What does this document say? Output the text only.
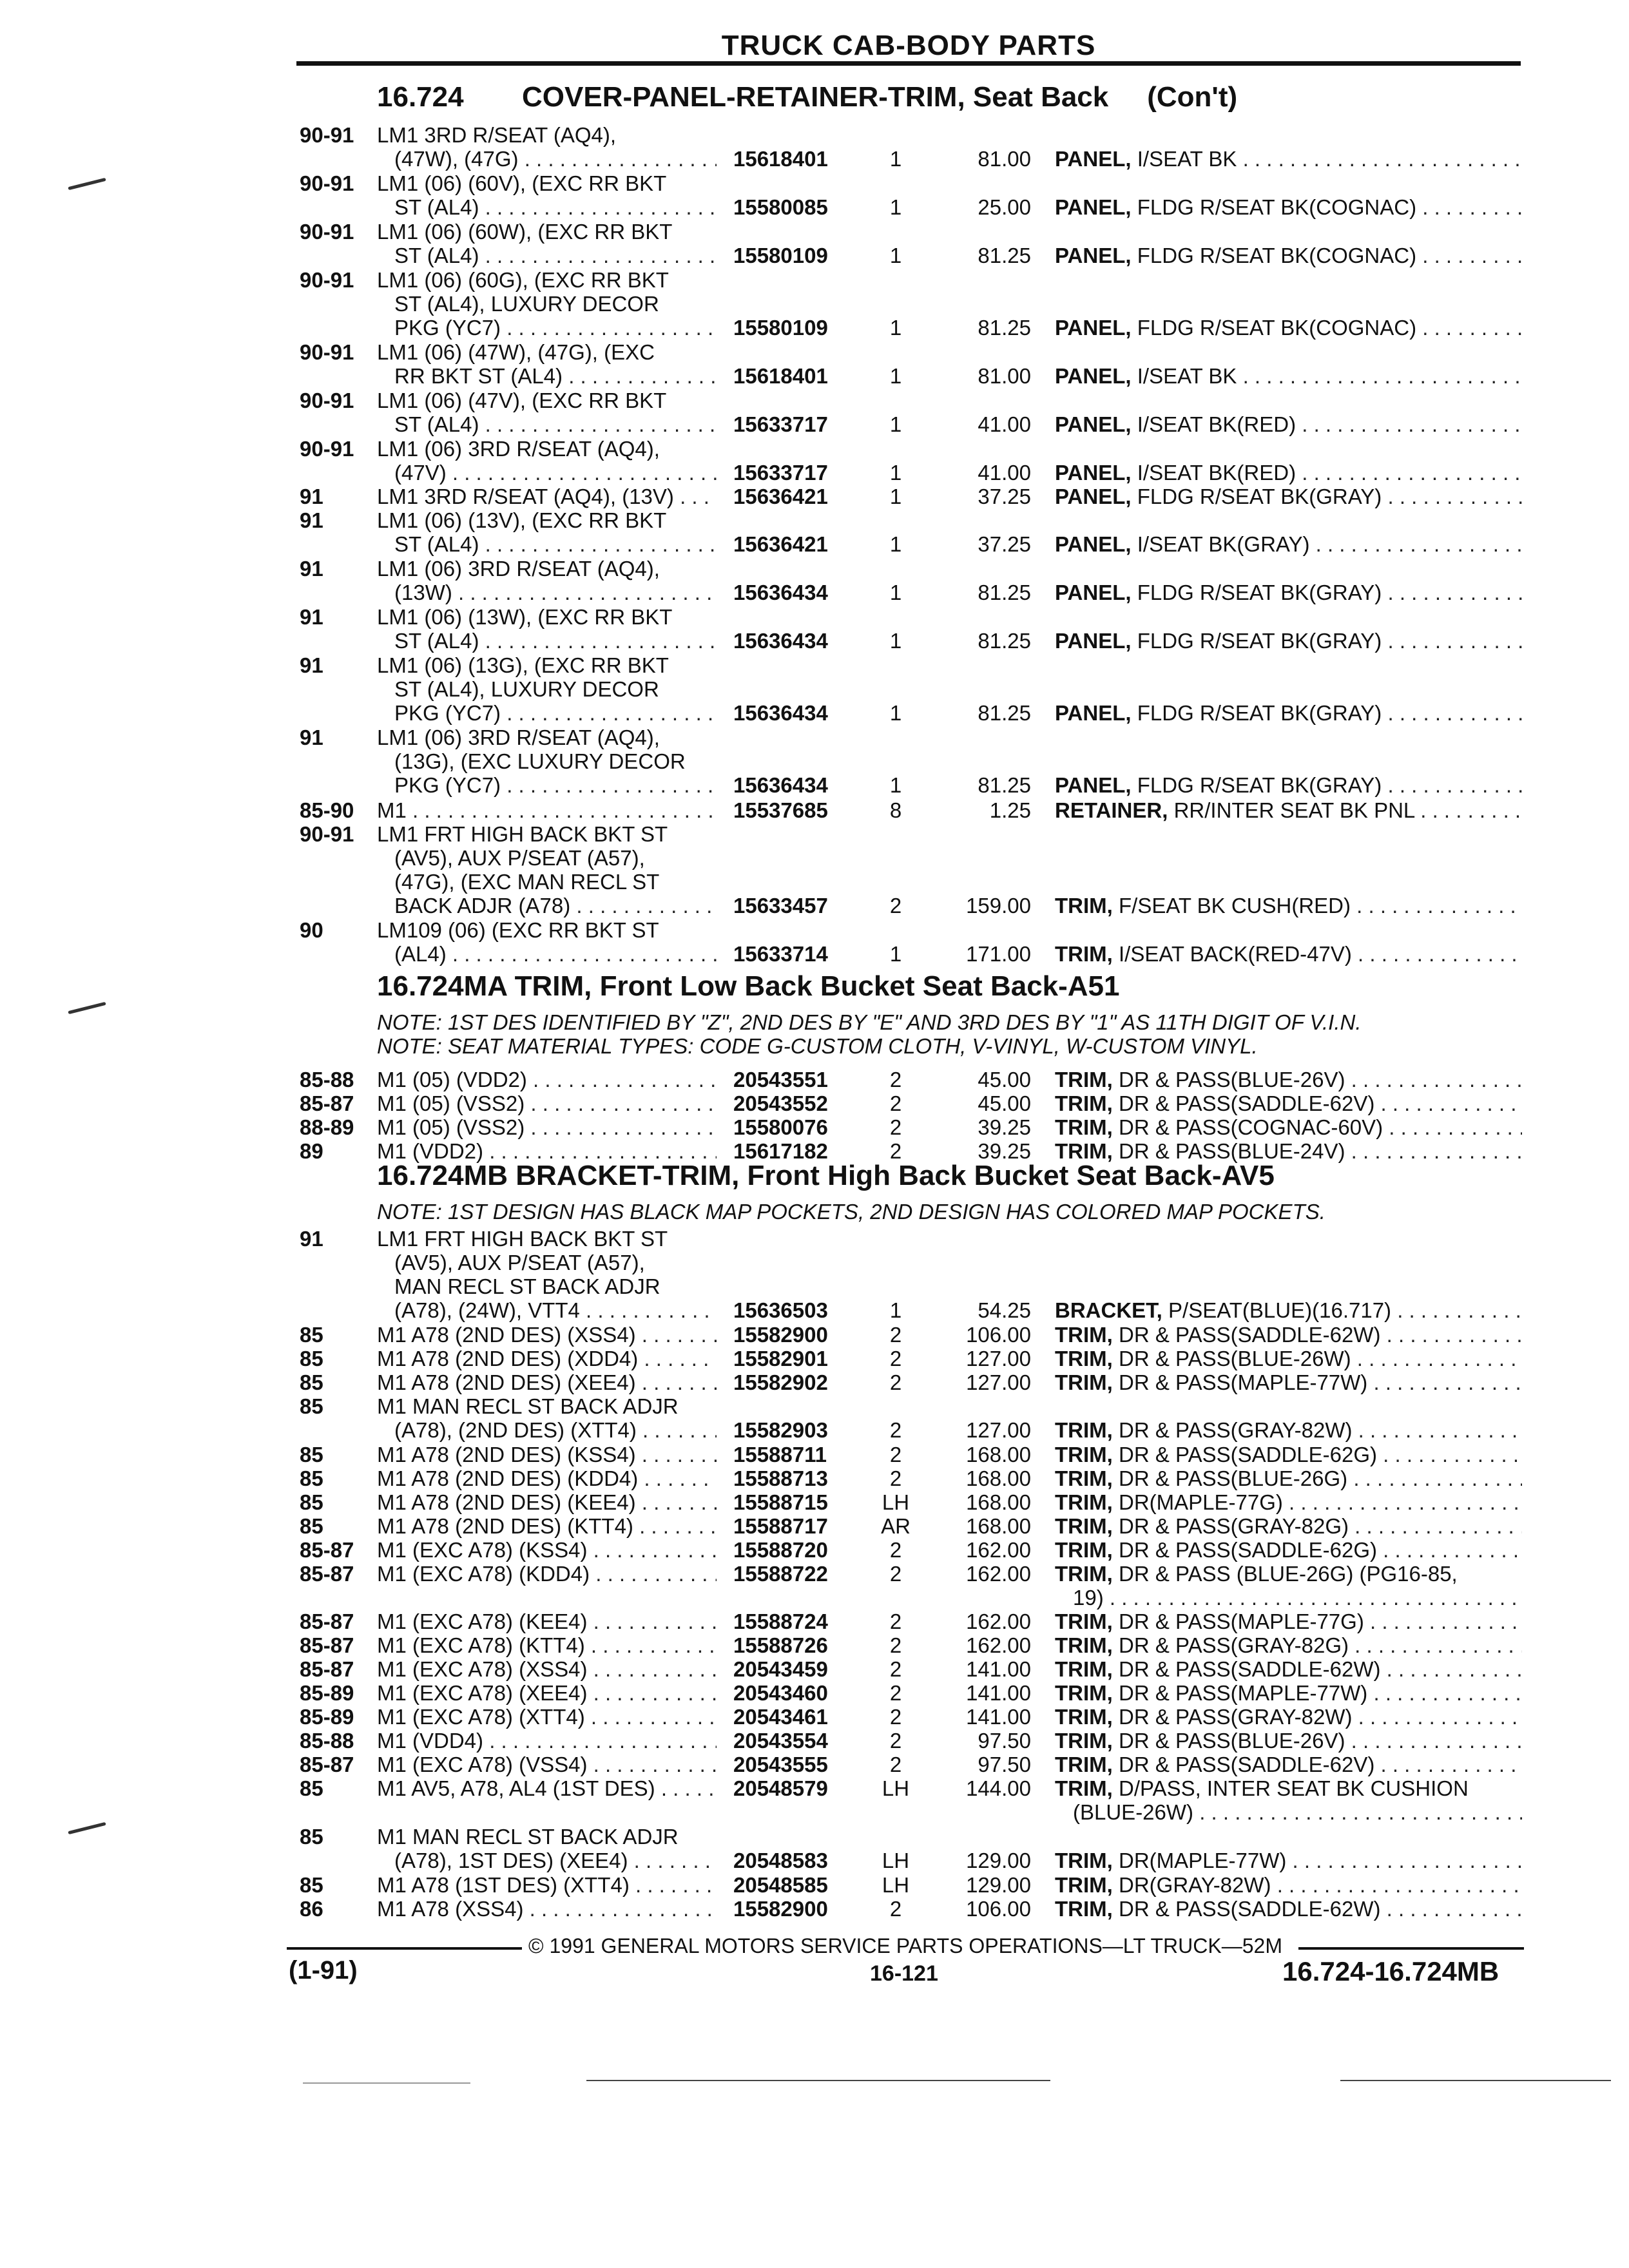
TRUCK CAB-BODY PARTS
16.724 COVER-PANEL-RETAINER-TRIM, Seat Back (Con't)
16.724MA TRIM, Front Low Back Bucket Seat Back-A51
NOTE: 1ST DES IDENTIFIED BY "Z", 2ND DES BY "E" AND 3RD DES BY "1" AS 11TH DIGIT OF V.I.N.
NOTE: SEAT MATERIAL TYPES: CODE G-CUSTOM CLOTH, V-VINYL, W-CUSTOM VINYL.
16.724MB BRACKET-TRIM, Front High Back Bucket Seat Back-AV5
NOTE: 1ST DESIGN HAS BLACK MAP POCKETS, 2ND DESIGN HAS COLORED MAP POCKETS.
90-91 LM1 3RD R/SEAT (AQ4),
(47W), (47G) . . .	15618401	1	81.00 PANEL, I/SEAT BK . . .
90-91 LM1 (06) (60V), (EXC RR BKT
ST (AL4) . . .	15580085	1	25.00 PANEL, FLDG R/SEAT BK(COGNAC) . . .
90-91 LM1 (06) (60W), (EXC RR BKT
ST (AL4) . . .	15580109	1	81.25 PANEL, FLDG R/SEAT BK(COGNAC) . . .
90-91 LM1 (06) (60G), (EXC RR BKT
ST (AL4), LUXURY DECOR
PKG (YC7) . . .	15580109	1	81.25 PANEL, FLDG R/SEAT BK(COGNAC) . . .
90-91 LM1 (06) (47W), (47G), (EXC
RR BKT ST (AL4) . . .	15618401	1	81.00 PANEL, I/SEAT BK . . .
90-91 LM1 (06) (47V), (EXC RR BKT
ST (AL4) . . .	15633717	1	41.00 PANEL, I/SEAT BK(RED) . . .
90-91 LM1 (06) 3RD R/SEAT (AQ4),
(47V) . . .	15633717	1	41.00 PANEL, I/SEAT BK(RED) . . .
91	LM1 3RD R/SEAT (AQ4), (13V) . . .	15636421	1	37.25 PANEL, FLDG R/SEAT BK(GRAY) . . .
91	LM1 (06) (13V), (EXC RR BKT
ST (AL4) . . .	15636421	1	37.25 PANEL, I/SEAT BK(GRAY) . . .
91	LM1 (06) 3RD R/SEAT (AQ4),
(13W) . . .	15636434	1	81.25 PANEL, FLDG R/SEAT BK(GRAY) . . .
91	LM1 (06) (13W), (EXC RR BKT
ST (AL4) . . .	15636434	1	81.25 PANEL, FLDG R/SEAT BK(GRAY) . . .
91	LM1 (06) (13G), (EXC RR BKT
ST (AL4), LUXURY DECOR
PKG (YC7) . . .	15636434	1	81.25 PANEL, FLDG R/SEAT BK(GRAY) . . .
91	LM1 (06) 3RD R/SEAT (AQ4),
(13G), (EXC LUXURY DECOR
PKG (YC7) . . .	15636434	1	81.25 PANEL, FLDG R/SEAT BK(GRAY) . . .
85-90 M1 . . .	15537685	8	1.25 RETAINER, RR/INTER SEAT BK PNL . . .
90-91 LM1 FRT HIGH BACK BKT ST
(AV5), AUX P/SEAT (A57),
(47G), (EXC MAN RECL ST
BACK ADJR (A78) . . .	15633457	2	159.00 TRIM, F/SEAT BK CUSH(RED) . . .
90	LM109 (06) (EXC RR BKT ST
(AL4) . . .	15633714	1	171.00 TRIM, I/SEAT BACK(RED-47V) . . .
85-88 M1 (05) (VDD2) . . .	20543551	2	45.00 TRIM, DR & PASS(BLUE-26V) . . .
85-87 M1 (05) (VSS2) . . .	20543552	2	45.00 TRIM, DR & PASS(SADDLE-62V) . . .
88-89 M1 (05) (VSS2) . . .	15580076	2	39.25 TRIM, DR & PASS(COGNAC-60V) . . .
89	M1 (VDD2) . . .	15617182	2	39.25 TRIM, DR & PASS(BLUE-24V) . . .
91	LM1 FRT HIGH BACK BKT ST
(AV5), AUX P/SEAT (A57),
MAN RECL ST BACK ADJR
(A78), (24W), VTT4 . . .	15636503	1	54.25 BRACKET, P/SEAT(BLUE)(16.717) . . .
85	M1 A78 (2ND DES) (XSS4) . . .	15582900	2	106.00 TRIM, DR & PASS(SADDLE-62W) . . .
85	M1 A78 (2ND DES) (XDD4) . . .	15582901	2	127.00 TRIM, DR & PASS(BLUE-26W) . . .
85	M1 A78 (2ND DES) (XEE4) . . .	15582902	2	127.00 TRIM, DR & PASS(MAPLE-77W) . . .
85	M1 MAN RECL ST BACK ADJR
(A78), (2ND DES) (XTT4) . . .	15582903	2	127.00 TRIM, DR & PASS(GRAY-82W) . . .
85	M1 A78 (2ND DES) (KSS4) . . .	15588711	2	168.00 TRIM, DR & PASS(SADDLE-62G) . . .
85	M1 A78 (2ND DES) (KDD4) . . .	15588713	2	168.00 TRIM, DR & PASS(BLUE-26G) . . .
85	M1 A78 (2ND DES) (KEE4) . . .	15588715	LH	168.00 TRIM, DR(MAPLE-77G) . . .
85	M1 A78 (2ND DES) (KTT4) . . .	15588717	AR	168.00 TRIM, DR & PASS(GRAY-82G) . . .
85-87 M1 (EXC A78) (KSS4) . . .	15588720	2	162.00 TRIM, DR & PASS(SADDLE-62G) . . .
85-87 M1 (EXC A78) (KDD4) . . .	15588722	2	162.00 TRIM, DR & PASS (BLUE-26G) (PG16-85,
19) . . .
85-87 M1 (EXC A78) (KEE4) . . .	15588724	2	162.00 TRIM, DR & PASS(MAPLE-77G) . . .
85-87 M1 (EXC A78) (KTT4) . . .	15588726	2	162.00 TRIM, DR & PASS(GRAY-82G) . . .
85-87 M1 (EXC A78) (XSS4) . . .	20543459	2	141.00 TRIM, DR & PASS(SADDLE-62W) . . .
85-89 M1 (EXC A78) (XEE4) . . .	20543460	2	141.00 TRIM, DR & PASS(MAPLE-77W) . . .
85-89 M1 (EXC A78) (XTT4) . . .	20543461	2	141.00 TRIM, DR & PASS(GRAY-82W) . . .
85-88 M1 (VDD4) . . .	20543554	2	97.50 TRIM, DR & PASS(BLUE-26V) . . .
85-87 M1 (EXC A78) (VSS4) . . .	20543555	2	97.50 TRIM, DR & PASS(SADDLE-62V) . . .
85	M1 AV5, A78, AL4 (1ST DES) . . . .	20548579	LH	144.00 TRIM, D/PASS, INTER SEAT BK CUSHION
(BLUE-26W) . . .
85	M1 MAN RECL ST BACK ADJR
(A78), 1ST DES) (XEE4) . . .	20548583	LH	129.00 TRIM, DR(MAPLE-77W) . . .
85	M1 A78 (1ST DES) (XTT4) . . .	20548585	LH	129.00 TRIM, DR(GRAY-82W) . . .
86	M1 A78 (XSS4) . . .	15582900	2	106.00 TRIM, DR & PASS(SADDLE-62W) . . .
© 1991 GENERAL MOTORS SERVICE PARTS OPERATIONS—LT TRUCK—52M
(1-91)	16-121	16.724-16.724MB
